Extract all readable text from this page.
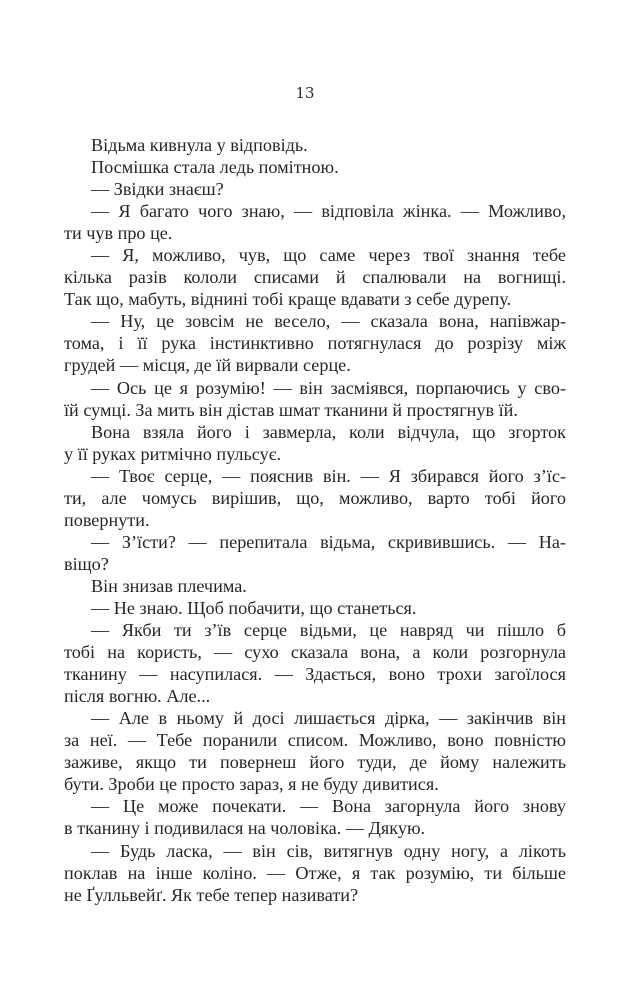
13
Відьма кивнула у відповідь.
Посмішка стала ледь помітною.
— Звідки знаєш?
— Я багато чого знаю, — відповіла жінка. — Можливо,
ти чув про це.
— Я, можливо, чув, що саме через твої знання тебе
кілька разів кололи списами й спалювали на вогнищі.
Так що, мабуть, віднині тобі краще вдавати з себе дурепу.
— Ну, це зовсім не весело, — сказала вона, напівжар-
тома, і її рука інстинктивно потягнулася до розрізу між
грудей — місця, де їй вирвали серце.
— Ось це я розумію! — він засміявся, порпаючись у сво-
їй сумці. За мить він дістав шмат тканини й простягнув їй.
Вона взяла його і завмерла, коли відчула, що згорток
у її руках ритмічно пульсує.
— Твоє серце, — пояснив він. — Я збирався його з’їс-
ти, але чомусь вирішив, що, можливо, варто тобі його
повернути.
— З’їсти? — перепитала відьма, скривившись. — На-
віщо?
Він знизав плечима.
— Не знаю. Щоб побачити, що станеться.
— Якби ти з’їв серце відьми, це навряд чи пішло б
тобі на користь, — сухо сказала вона, а коли розгорнула
тканину — насупилася. — Здається, воно трохи загоїлося
після вогню. Але...
— Але в ньому й досі лишається дірка, — закінчив він
за неї. — Тебе поранили списом. Можливо, воно повністю
заживе, якщо ти повернеш його туди, де йому належить
бути. Зроби це просто зараз, я не буду дивитися.
— Це може почекати. — Вона загорнула його знову
в тканину і подивилася на чоловіка. — Дякую.
— Будь ласка, — він сів, витягнув одну ногу, а лікоть
поклав на інше коліно. — Отже, я так розумію, ти більше
не Ґулльвейґ. Як тебе тепер називати?
